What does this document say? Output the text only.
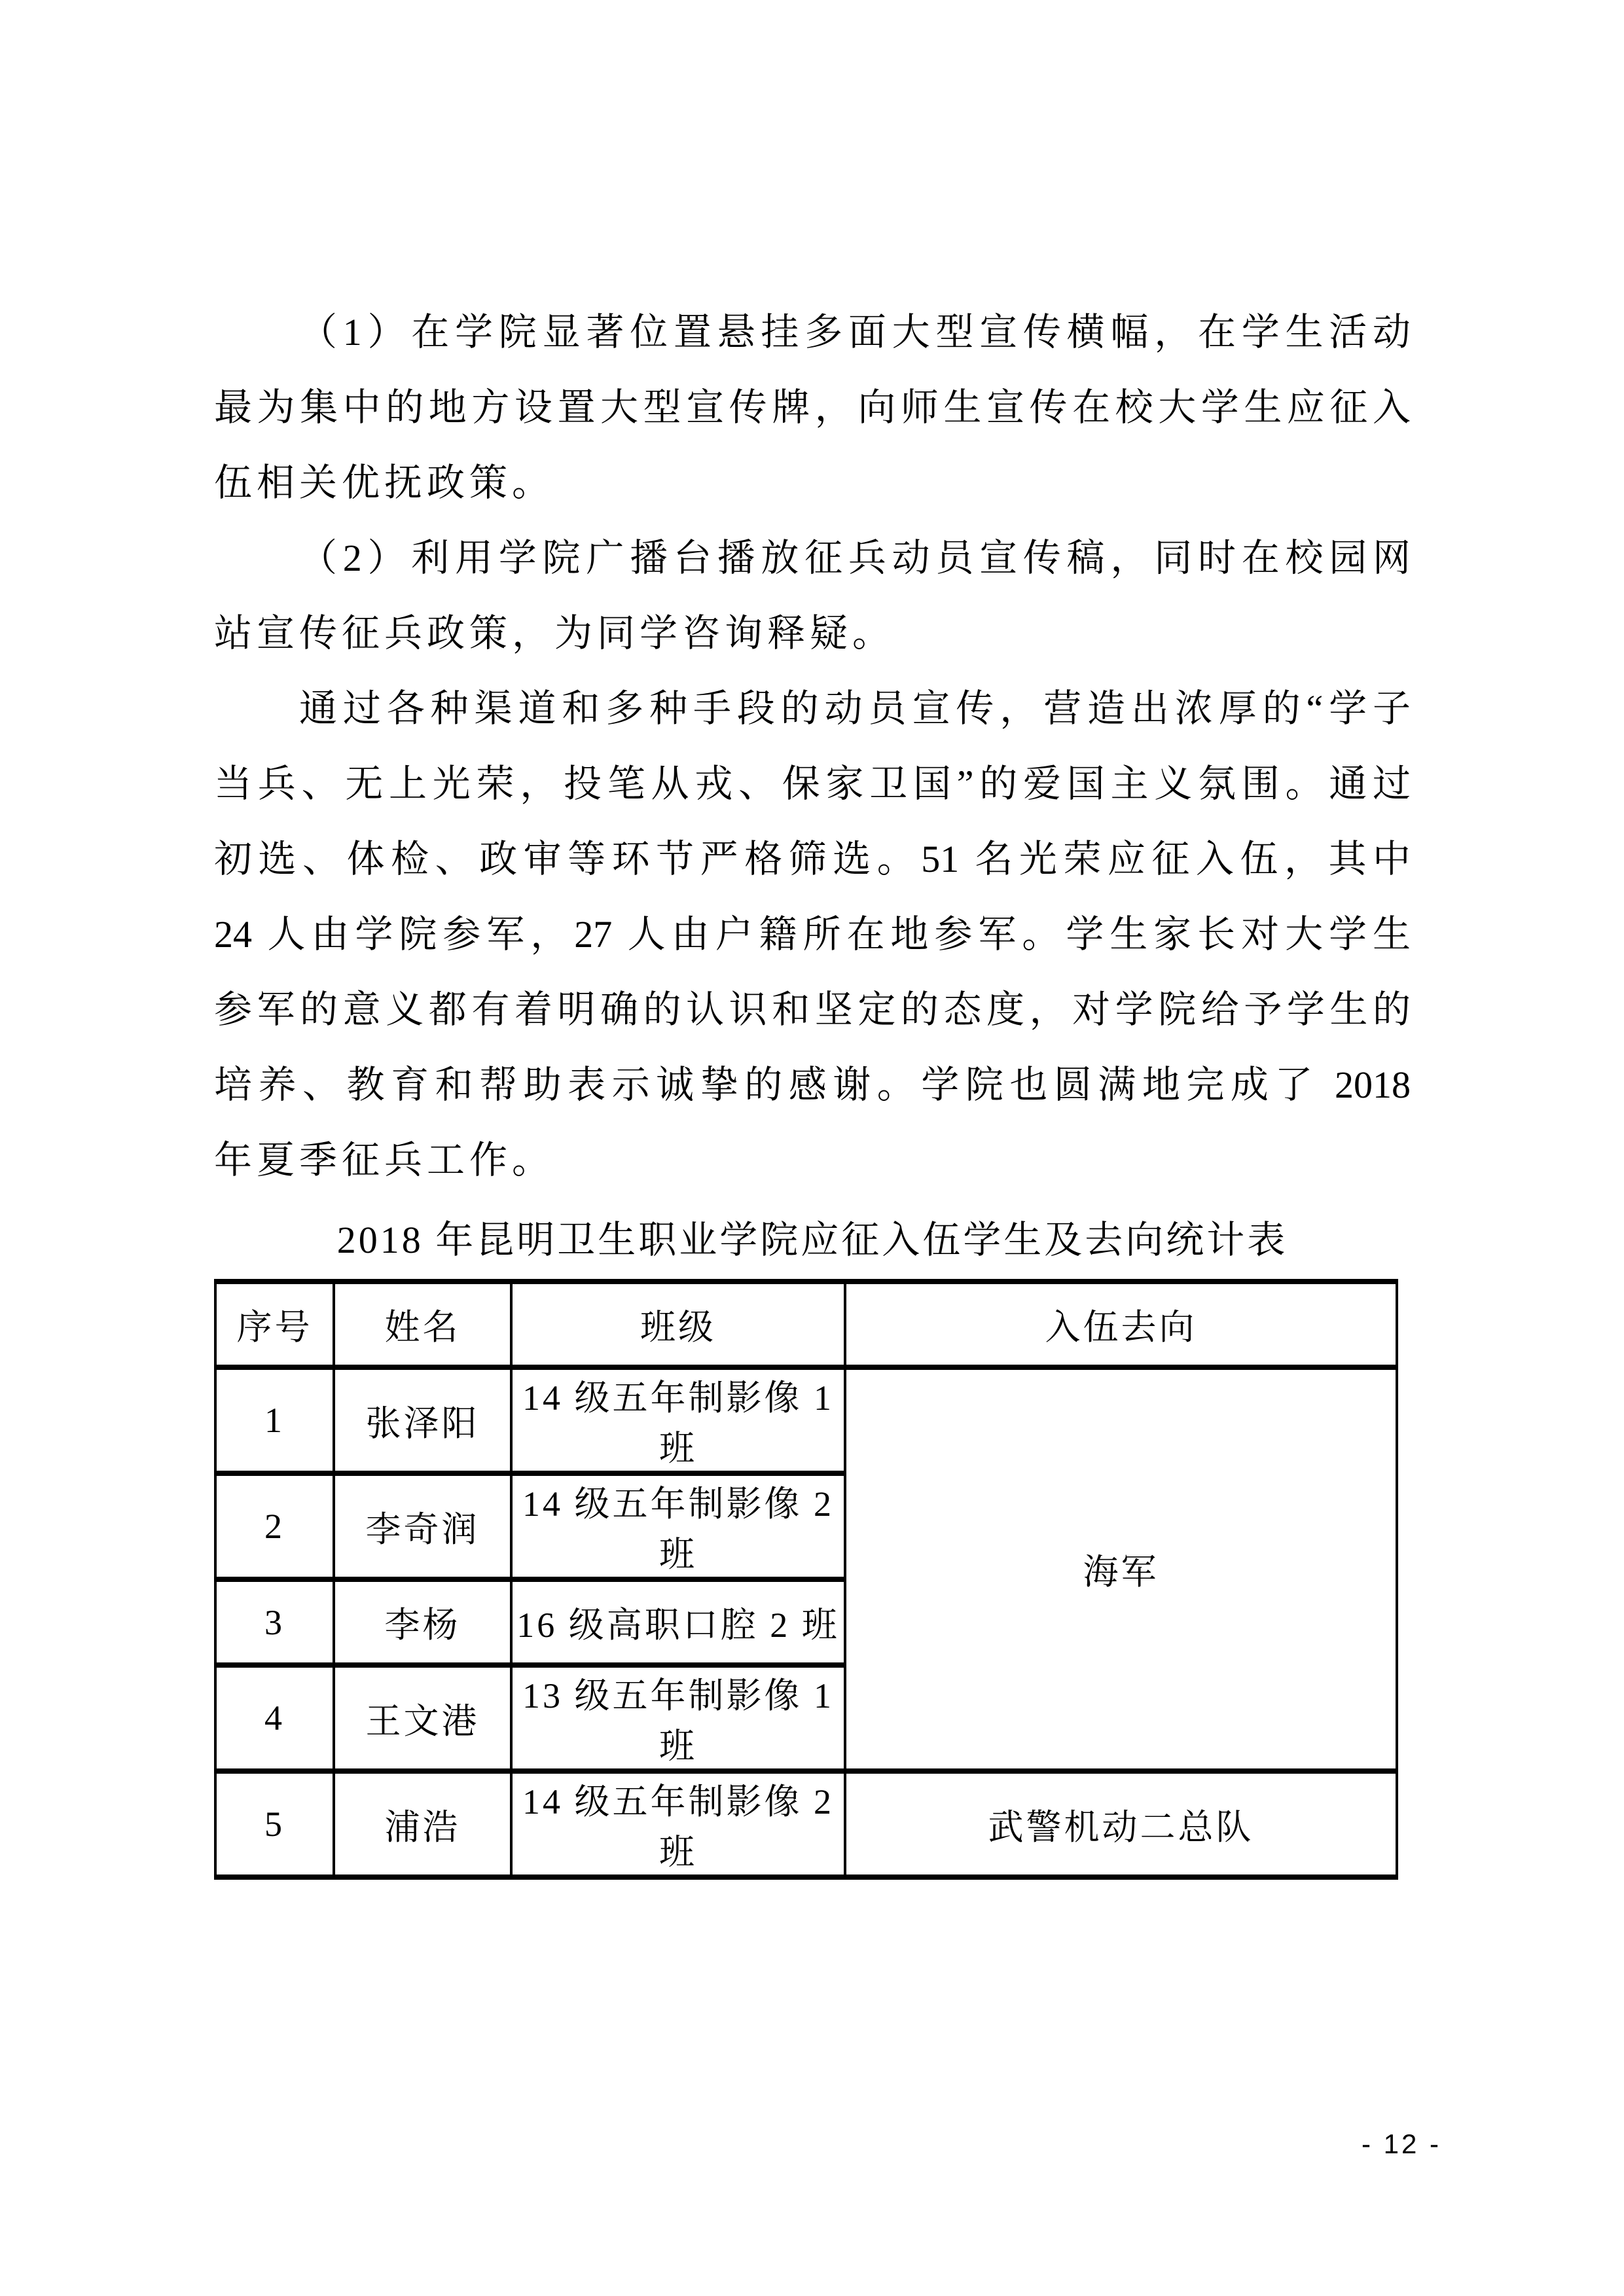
（1）在学院显著位置悬挂多面大型宣传横幅，在学生活动
最为集中的地方设置大型宣传牌，向师生宣传在校大学生应征入
伍相关优抚政策。
（2）利用学院广播台播放征兵动员宣传稿，同时在校园网
站宣传征兵政策，为同学咨询释疑。
通过各种渠道和多种手段的动员宣传，营造出浓厚的“学子
当兵、无上光荣，投笔从戎、保家卫国”的爱国主义氛围。通过
初选、体检、政审等环节严格筛选。51 名光荣应征入伍，其中
24 人由学院参军，27 人由户籍所在地参军。学生家长对大学生
参军的意义都有着明确的认识和坚定的态度，对学院给予学生的
培养、教育和帮助表示诚挚的感谢。学院也圆满地完成了 2018
年夏季征兵工作。
2018 年昆明卫生职业学院应征入伍学生及去向统计表
序号	姓名	班级	入伍去向
1	张泽阳	14 级五年制影像 1 班	海军
2	李奇润	14 级五年制影像 2 班	
3	李杨	16 级高职口腔 2 班	
4	王文港	13 级五年制影像 1 班	
5	浦浩	14 级五年制影像 2 班	武警机动二总队
- 12 -
